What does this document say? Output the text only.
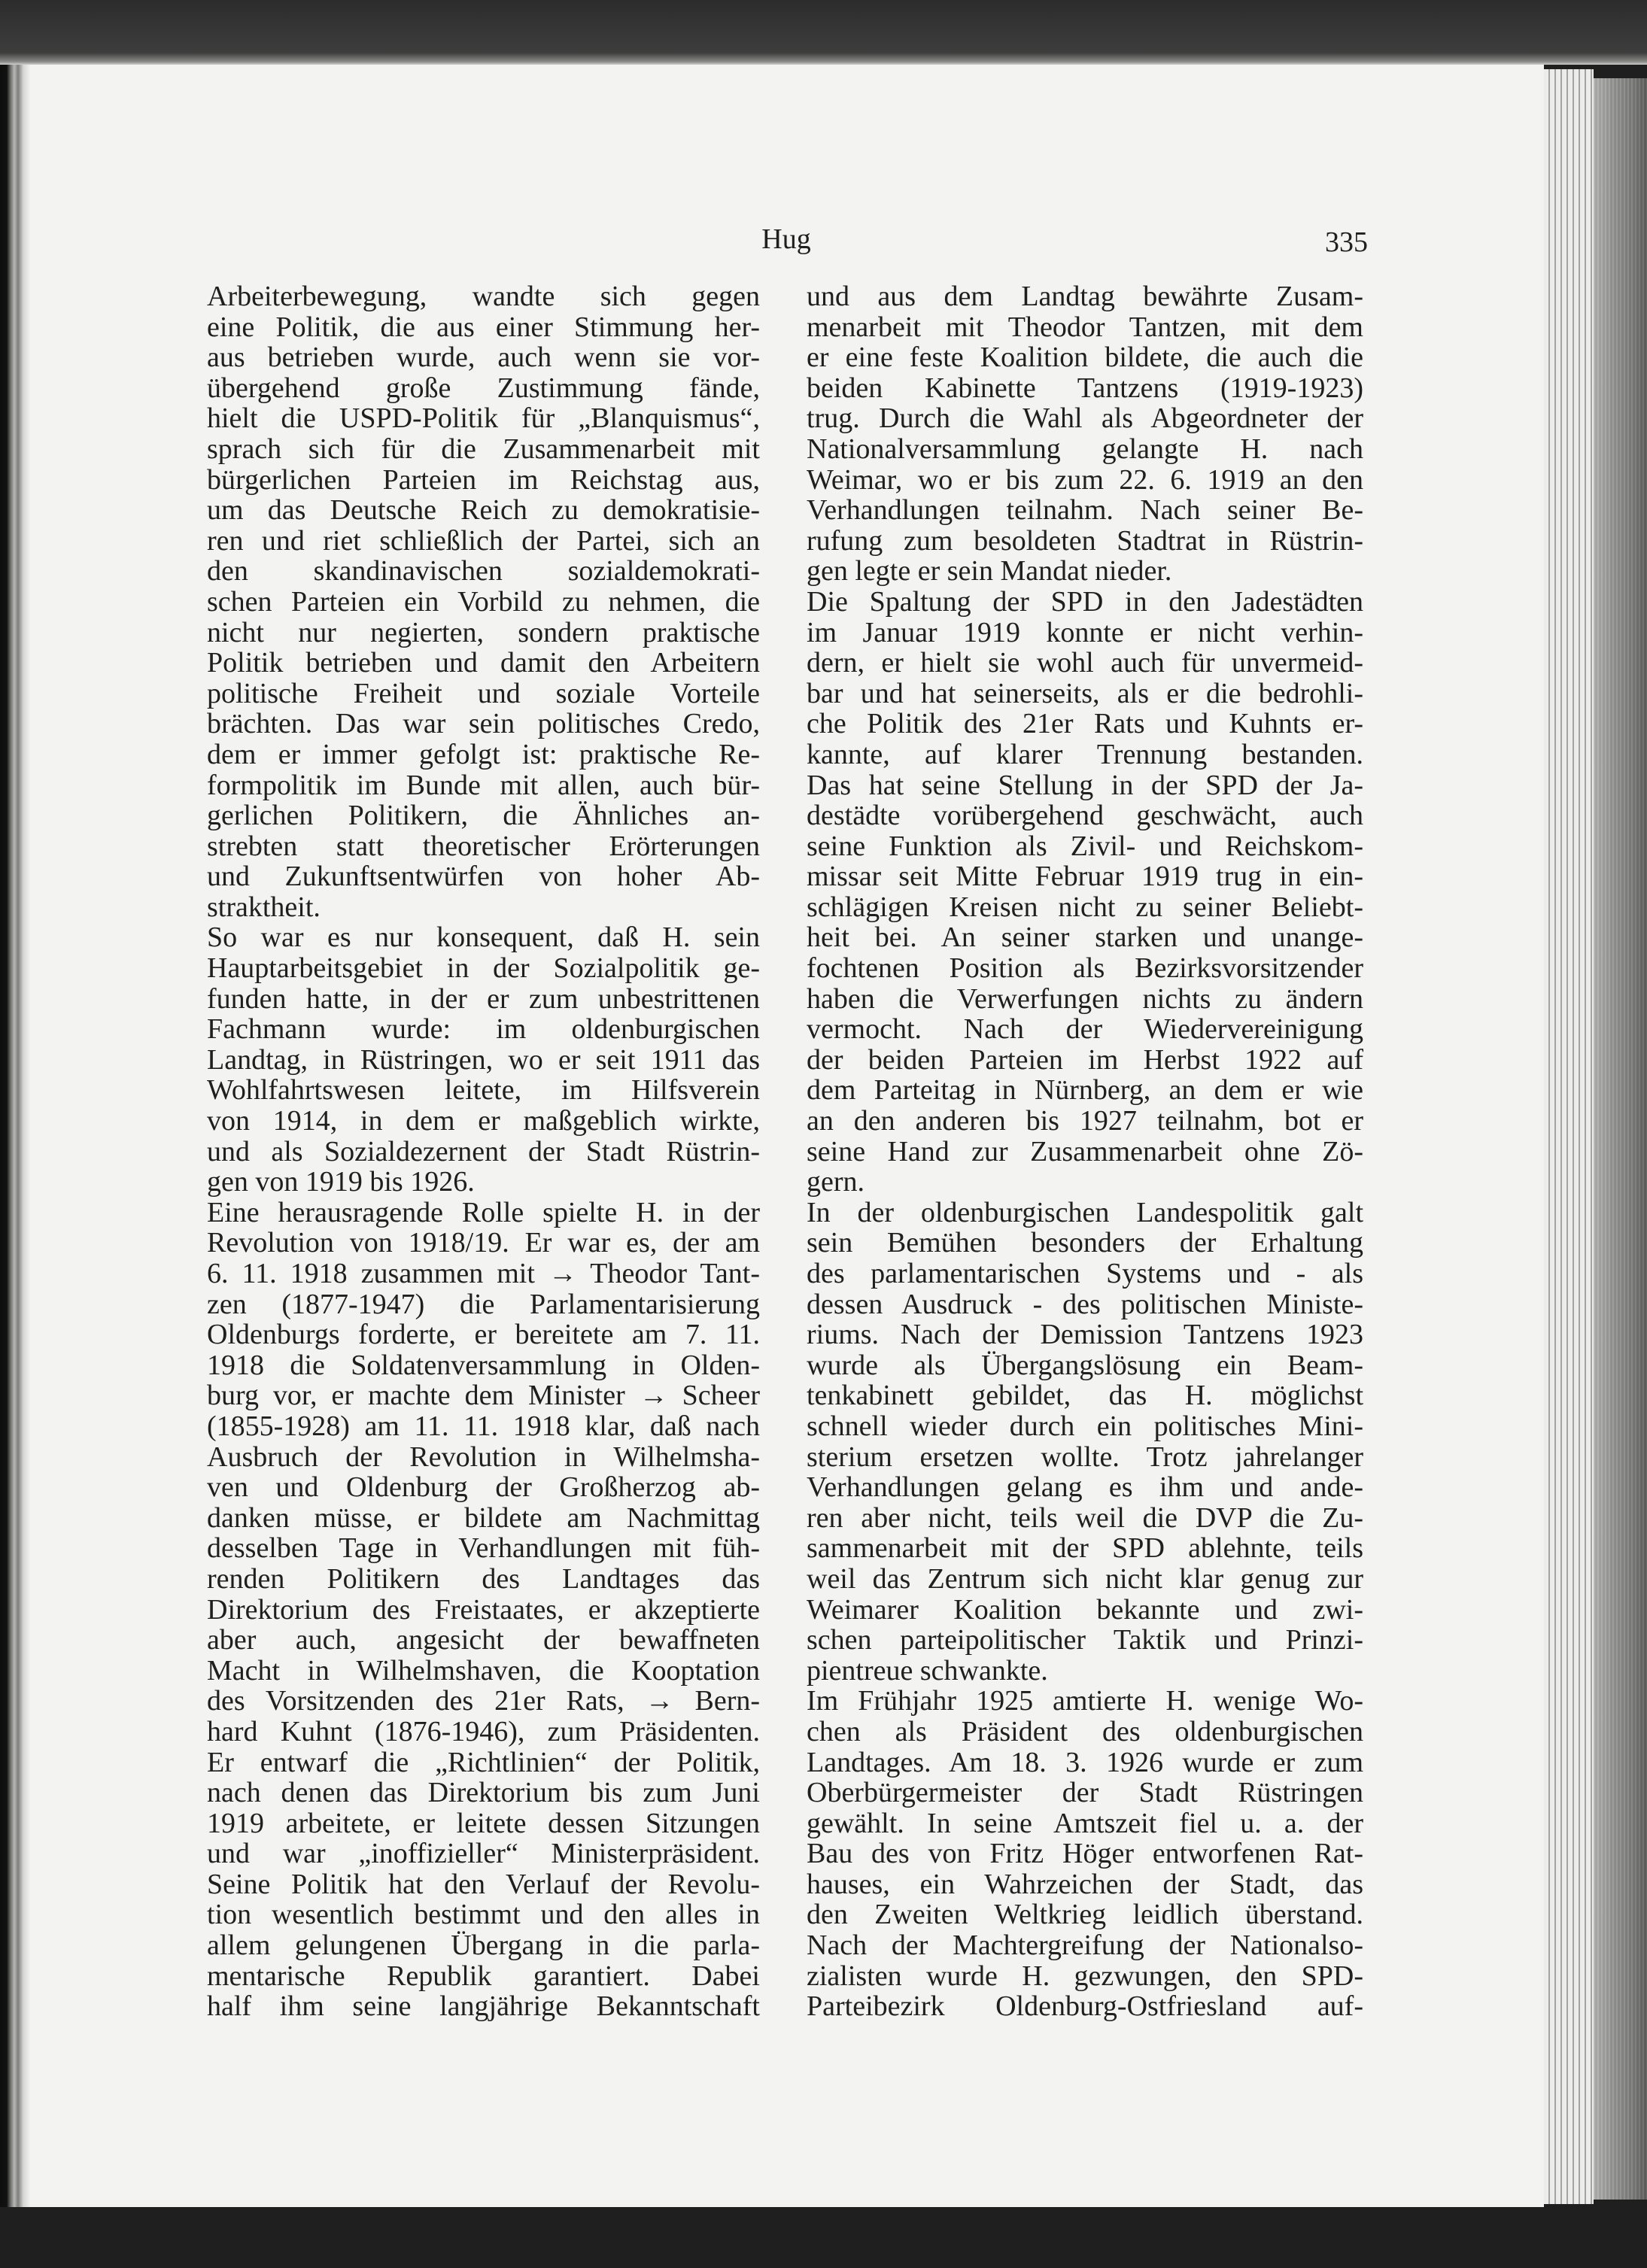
Hug	335
Arbeiterbewegung, wandte sich gegen
eine Politik, die aus einer Stimmung her-
aus betrieben wurde, auch wenn sie vor-
übergehend große Zustimmung fände,
hielt die USPD-Politik für „Blanquismus“,
sprach sich für die Zusammenarbeit mit
bürgerlichen Parteien im Reichstag aus,
um das Deutsche Reich zu demokratisie-
ren und riet schließlich der Partei, sich an
den skandinavischen sozialdemokrati-
schen Parteien ein Vorbild zu nehmen, die
nicht nur negierten, sondern praktische
Politik betrieben und damit den Arbeitern
politische Freiheit und soziale Vorteile
brächten. Das war sein politisches Credo,
dem er immer gefolgt ist: praktische Re-
formpolitik im Bunde mit allen, auch bür-
gerlichen Politikern, die Ähnliches an-
strebten statt theoretischer Erörterungen
und Zukunftsentwürfen von hoher Ab-
straktheit.
So war es nur konsequent, daß H. sein
Hauptarbeitsgebiet in der Sozialpolitik ge-
funden hatte, in der er zum unbestrittenen
Fachmann wurde: im oldenburgischen
Landtag, in Rüstringen, wo er seit 1911 das
Wohlfahrtswesen leitete, im Hilfsverein
von 1914, in dem er maßgeblich wirkte,
und als Sozialdezernent der Stadt Rüstrin-
gen von 1919 bis 1926.
Eine herausragende Rolle spielte H. in der
Revolution von 1918/19. Er war es, der am
6. 11. 1918 zusammen mit → Theodor Tant-
zen (1877-1947) die Parlamentarisierung
Oldenburgs forderte, er bereitete am 7. 11.
1918 die Soldatenversammlung in Olden-
burg vor, er machte dem Minister → Scheer
(1855-1928) am 11. 11. 1918 klar, daß nach
Ausbruch der Revolution in Wilhelmsha-
ven und Oldenburg der Großherzog ab-
danken müsse, er bildete am Nachmittag
desselben Tage in Verhandlungen mit füh-
renden Politikern des Landtages das
Direktorium des Freistaates, er akzeptierte
aber auch, angesicht der bewaffneten
Macht in Wilhelmshaven, die Kooptation
des Vorsitzenden des 21er Rats, → Bern-
hard Kuhnt (1876-1946), zum Präsidenten.
Er entwarf die „Richtlinien“ der Politik,
nach denen das Direktorium bis zum Juni
1919 arbeitete, er leitete dessen Sitzungen
und war „inoffizieller“ Ministerpräsident.
Seine Politik hat den Verlauf der Revolu-
tion wesentlich bestimmt und den alles in
allem gelungenen Übergang in die parla-
mentarische Republik garantiert. Dabei
half ihm seine langjährige Bekanntschaft
und aus dem Landtag bewährte Zusam-
menarbeit mit Theodor Tantzen, mit dem
er eine feste Koalition bildete, die auch die
beiden Kabinette Tantzens (1919-1923)
trug. Durch die Wahl als Abgeordneter der
Nationalversammlung gelangte H. nach
Weimar, wo er bis zum 22. 6. 1919 an den
Verhandlungen teilnahm. Nach seiner Be-
rufung zum besoldeten Stadtrat in Rüstrin-
gen legte er sein Mandat nieder.
Die Spaltung der SPD in den Jadestädten
im Januar 1919 konnte er nicht verhin-
dern, er hielt sie wohl auch für unvermeid-
bar und hat seinerseits, als er die bedrohli-
che Politik des 21er Rats und Kuhnts er-
kannte, auf klarer Trennung bestanden.
Das hat seine Stellung in der SPD der Ja-
destädte vorübergehend geschwächt, auch
seine Funktion als Zivil- und Reichskom-
missar seit Mitte Februar 1919 trug in ein-
schlägigen Kreisen nicht zu seiner Beliebt-
heit bei. An seiner starken und unange-
fochtenen Position als Bezirksvorsitzender
haben die Verwerfungen nichts zu ändern
vermocht. Nach der Wiedervereinigung
der beiden Parteien im Herbst 1922 auf
dem Parteitag in Nürnberg, an dem er wie
an den anderen bis 1927 teilnahm, bot er
seine Hand zur Zusammenarbeit ohne Zö-
gern.
In der oldenburgischen Landespolitik galt
sein Bemühen besonders der Erhaltung
des parlamentarischen Systems und - als
dessen Ausdruck - des politischen Ministe-
riums. Nach der Demission Tantzens 1923
wurde als Übergangslösung ein Beam-
tenkabinett gebildet, das H. möglichst
schnell wieder durch ein politisches Mini-
sterium ersetzen wollte. Trotz jahrelanger
Verhandlungen gelang es ihm und ande-
ren aber nicht, teils weil die DVP die Zu-
sammenarbeit mit der SPD ablehnte, teils
weil das Zentrum sich nicht klar genug zur
Weimarer Koalition bekannte und zwi-
schen parteipolitischer Taktik und Prinzi-
pientreue schwankte.
Im Frühjahr 1925 amtierte H. wenige Wo-
chen als Präsident des oldenburgischen
Landtages. Am 18. 3. 1926 wurde er zum
Oberbürgermeister der Stadt Rüstringen
gewählt. In seine Amtszeit fiel u. a. der
Bau des von Fritz Höger entworfenen Rat-
hauses, ein Wahrzeichen der Stadt, das
den Zweiten Weltkrieg leidlich überstand.
Nach der Machtergreifung der Nationalso-
zialisten wurde H. gezwungen, den SPD-
Parteibezirk Oldenburg-Ostfriesland auf-
